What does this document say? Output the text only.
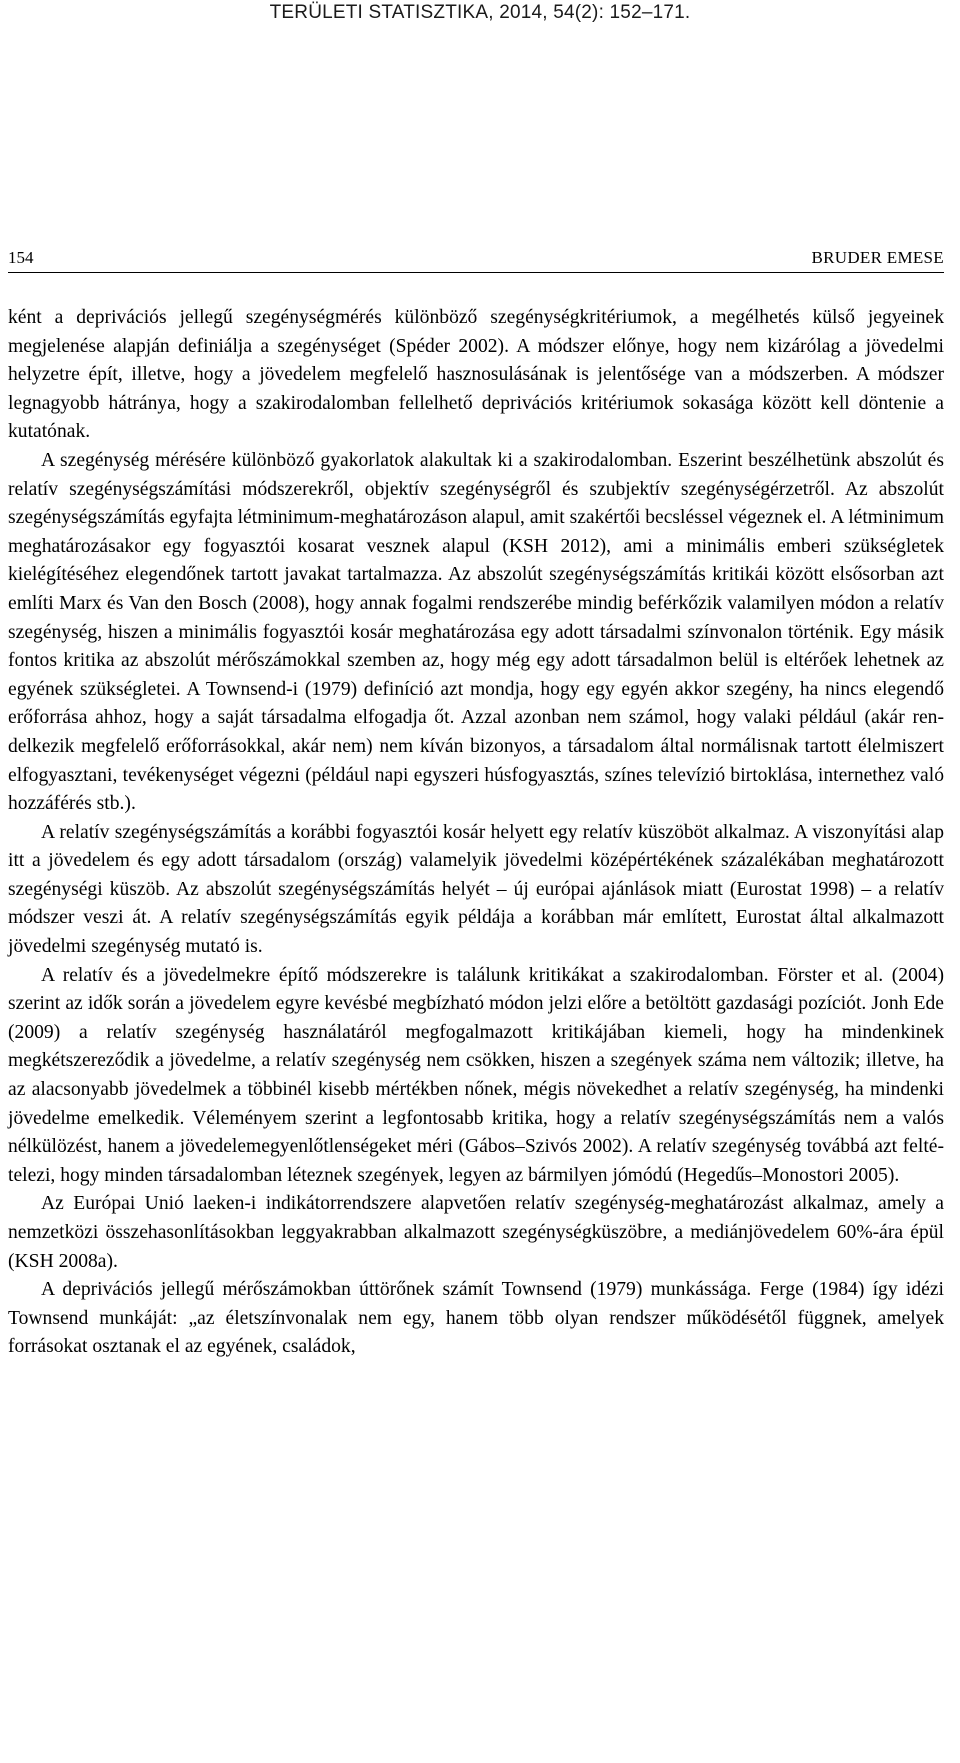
TERÜLETI STATISZTIKA, 2014, 54(2): 152–171.
154	BRUDER EMESE

ként a deprivációs jellegű szegénységmérés különböző szegénységkritériumok, a megélhetés külső jegyeinek megjelenése alapján definiálja a szegénységet (Spéder 2002). A módszer előnye, hogy nem kizárólag a jövedelmi helyzetre épít, illetve, hogy a jövedelem megfelelő hasznosulásának is jelentősége van a módszerben. A módszer legnagyobb hátránya, hogy a szakirodalomban fellelhető deprivációs kritériumok sokasága között kell döntenie a kutatónak.

A szegénység mérésére különböző gyakorlatok alakultak ki a szakirodalomban. Eszerint beszélhetünk abszolút és relatív szegénységszámítási módszerekről, objektív szegénységről és szubjektív szegénységérzetről. Az abszolút szegénységszámítás egyfajta létminimum-meghatározáson alapul, amit szakértői becsléssel végeznek el. A létminimum meghatározásakor egy fogyasztói kosarat vesznek alapul (KSH 2012), ami a minimális emberi szükségletek kielégítéséhez elegendőnek tartott javakat tartalmazza. Az abszolút szegénységszámítás kritikái között elsősorban azt említi Marx és Van den Bosch (2008), hogy annak fogalmi rendszerébe mindig beférkőzik valamilyen módon a relatív szegénység, hiszen a minimális fogyasztói kosár meghatározása egy adott társadalmi színvonalon történik. Egy másik fontos kritika az abszolút mérőszámokkal szemben az, hogy még egy adott társadalmon belül is eltérőek lehetnek az egyének szükségletei. A Townsend-i (1979) definíció azt mondja, hogy egy egyén akkor szegény, ha nincs elegendő erőforrása ahhoz, hogy a saját társadalma elfogadja őt. Azzal azonban nem számol, hogy valaki például (akár rendelkezik megfelelő erőforrásokkal, akár nem) nem kíván bizonyos, a társadalom által normálisnak tartott élelmiszert elfogyasztani, tevékenységet végezni (például napi egyszeri húsfogyasztás, színes televízió birtoklása, internethez való hozzáférés stb.).

A relatív szegénységszámítás a korábbi fogyasztói kosár helyett egy relatív küszöböt alkalmaz. A viszonyítási alap itt a jövedelem és egy adott társadalom (ország) valamelyik jövedelmi középértékének százalékában meghatározott szegénységi küszöb. Az abszolút szegénységszámítás helyét – új európai ajánlások miatt (Eurostat 1998) – a relatív módszer veszi át. A relatív szegénységszámítás egyik példája a korábban már említett, Eurostat által alkalmazott jövedelmi szegénység mutató is.

A relatív és a jövedelmekre építő módszerekre is találunk kritikákat a szakirodalomban. Förster et al. (2004) szerint az idők során a jövedelem egyre kevésbé megbízható módon jelzi előre a betöltött gazdasági pozíciót. Jonh Ede (2009) a relatív szegénység használatáról megfogalmazott kritikájában kiemeli, hogy ha mindenkinek megkétszereződik a jövedelme, a relatív szegénység nem csökken, hiszen a szegények száma nem változik; illetve, ha az alacsonyabb jövedelmek a többinél kisebb mértékben nőnek, mégis növekedhet a relatív szegénység, ha mindenki jövedelme emelkedik. Véleményem szerint a legfontosabb kritika, hogy a relatív szegénységszámítás nem a valós nélkülözést, hanem a jövedelemegyenlőtlenségeket méri (Gábos–Szivós 2002). A relatív szegénység továbbá azt feltételezi, hogy minden társadalomban léteznek szegények, legyen az bármilyen jómódú (Hegedűs–Monostori 2005).

Az Európai Unió laeken-i indikátorrendszere alapvetően relatív szegénység-meghatározást alkalmaz, amely a nemzetközi összehasonlításokban leggyakrabban alkalmazott szegénységküszöbre, a mediánjövedelem 60%-ára épül (KSH 2008a).

A deprivációs jellegű mérőszámokban úttörőnek számít Townsend (1979) munkássága. Ferge (1984) így idézi Townsend munkáját: „az életszínvonalak nem egy, hanem több olyan rendszer működésétől függnek, amelyek forrásokat osztanak el az egyének, családok,
